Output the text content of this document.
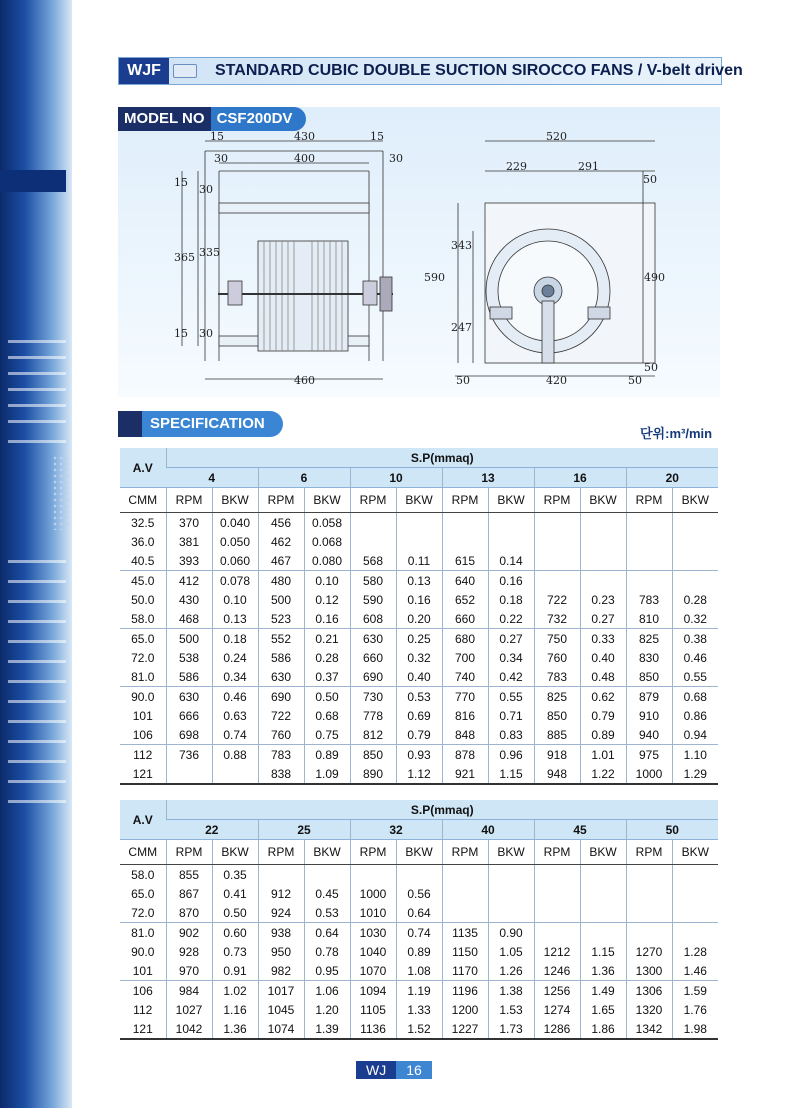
WJF	STANDARD CUBIC DOUBLE SUCTION SIROCCO FANS / V-belt driven
MODEL NO CSF200DV
15	430	15
30	400	30
15
30
365 335
15 30
460
520
229	291
50
343
590	490
247
50	420	50
50
SPECIFICATION
단위:m³/min
A.V	S.P(mmaq)											
	4		6		10		13		16		20	
CMM	RPM	BKW	RPM	BKW	RPM	BKW	RPM	BKW	RPM	BKW	RPM	BKW
32.5	370	0.040	456	0.058								
36.0	381	0.050	462	0.068								
40.5	393	0.060	467	0.080	568	0.11	615	0.14				
45.0	412	0.078	480	0.10	580	0.13	640	0.16				
50.0	430	0.10	500	0.12	590	0.16	652	0.18	722	0.23	783	0.28
58.0	468	0.13	523	0.16	608	0.20	660	0.22	732	0.27	810	0.32
65.0	500	0.18	552	0.21	630	0.25	680	0.27	750	0.33	825	0.38
72.0	538	0.24	586	0.28	660	0.32	700	0.34	760	0.40	830	0.46
81.0	586	0.34	630	0.37	690	0.40	740	0.42	783	0.48	850	0.55
90.0	630	0.46	690	0.50	730	0.53	770	0.55	825	0.62	879	0.68
101	666	0.63	722	0.68	778	0.69	816	0.71	850	0.79	910	0.86
106	698	0.74	760	0.75	812	0.79	848	0.83	885	0.89	940	0.94
112	736	0.88	783	0.89	850	0.93	878	0.96	918	1.01	975	1.10
121			838	1.09	890	1.12	921	1.15	948	1.22	1000	1.29
A.V	S.P(mmaq)											
	22		25		32		40		45		50	
CMM	RPM	BKW	RPM	BKW	RPM	BKW	RPM	BKW	RPM	BKW	RPM	BKW
58.0	855	0.35										
65.0	867	0.41	912	0.45	1000	0.56						
72.0	870	0.50	924	0.53	1010	0.64						
81.0	902	0.60	938	0.64	1030	0.74	1135	0.90				
90.0	928	0.73	950	0.78	1040	0.89	1150	1.05	1212	1.15	1270	1.28
101	970	0.91	982	0.95	1070	1.08	1170	1.26	1246	1.36	1300	1.46
106	984	1.02	1017	1.06	1094	1.19	1196	1.38	1256	1.49	1306	1.59
112	1027	1.16	1045	1.20	1105	1.33	1200	1.53	1274	1.65	1320	1.76
121	1042	1.36	1074	1.39	1136	1.52	1227	1.73	1286	1.86	1342	1.98
WJ	16
